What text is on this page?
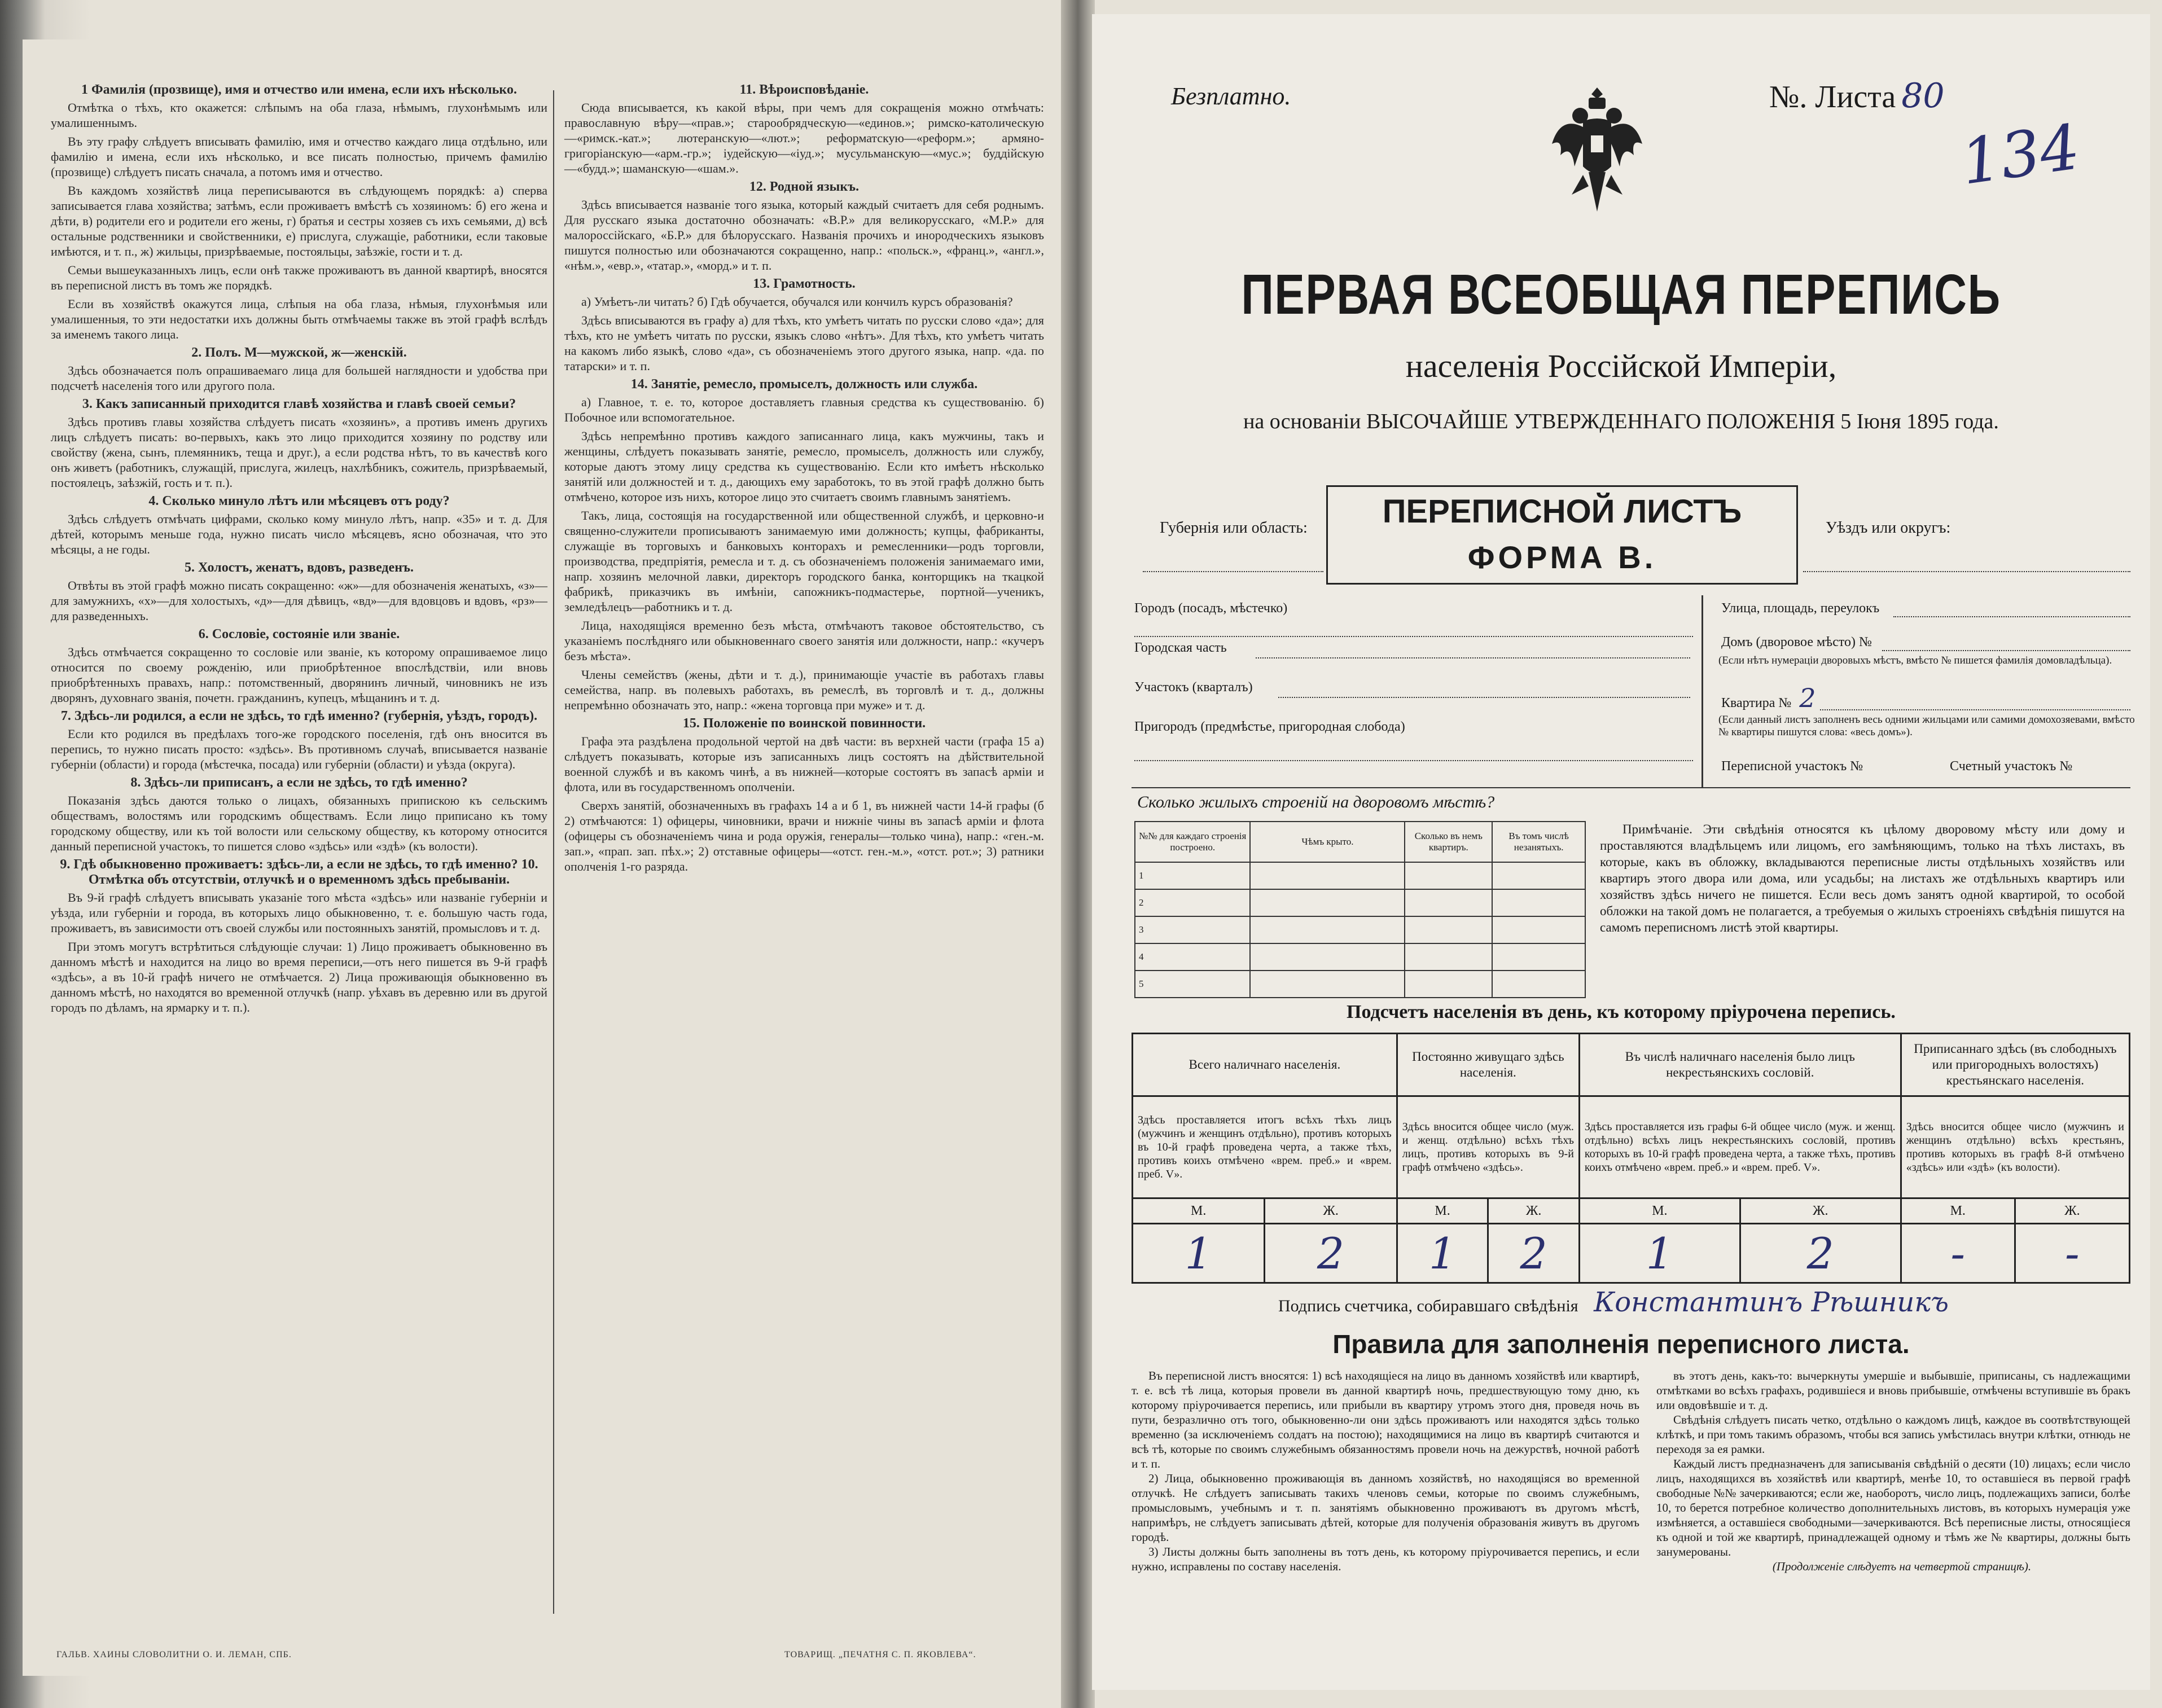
1 Фамилія (прозвище), имя и отчество или имена, если ихъ нѣсколько.

Отмѣтка о тѣхъ, кто окажется: слѣпымъ на оба глаза, нѣмымъ, глухонѣмымъ или умалишеннымъ.

Въ эту графу слѣдуетъ вписывать фамилію, имя и отчество каждаго лица отдѣльно, или фамилію и имена, если ихъ нѣсколько, и все писать полностью, причемъ фамилію (прозвище) слѣдуетъ писать сначала, а потомъ имя и отчество.

Въ каждомъ хозяйствѣ лица переписываются въ слѣдующемъ порядкѣ: а) сперва записывается глава хозяйства; затѣмъ, если проживаетъ вмѣстѣ съ хозяиномъ: б) его жена и дѣти, в) родители его и родители его жены, г) братья и сестры хозяев съ ихъ семьями, д) всѣ остальные родственники и свойственники, е) прислуга, служащіе, работники, если таковые имѣются, и т. п., ж) жильцы, призрѣваемые, постояльцы, заѣзжіе, гости и т. д.

Семьи вышеуказанныхъ лицъ, если онѣ также проживаютъ въ данной квартирѣ, вносятся въ переписной листъ въ томъ же порядкѣ.

Если въ хозяйствѣ окажутся лица, слѣпыя на оба глаза, нѣмыя, глухонѣмыя или умалишенныя, то эти недостатки ихъ должны быть отмѣчаемы также въ этой графѣ вслѣдъ за именемъ такого лица.

2. Полъ. М—мужской, ж—женскій.

Здѣсь обозначается полъ опрашиваемаго лица для большей наглядности и удобства при подсчетѣ населенія того или другого пола.

3. Какъ записанный приходится главѣ хозяйства и главѣ своей семьи?

Здѣсь противъ главы хозяйства слѣдуетъ писать «хозяинъ», а противъ именъ другихъ лицъ слѣдуетъ писать: во-первыхъ, какъ это лицо приходится хозяину по родству или свойству (жена, сынъ, племянникъ, теща и друг.), а если родства нѣтъ, то въ качествѣ кого онъ живетъ (работникъ, служащій, прислуга, жилецъ, нахлѣбникъ, сожитель, призрѣваемый, постоялецъ, заѣзжій, гость и т. п.).

4. Сколько минуло лѣтъ или мѣсяцевъ отъ роду?

Здѣсь слѣдуетъ отмѣчать цифрами, сколько кому минуло лѣтъ, напр. «35» и т. д. Для дѣтей, которымъ меньше года, нужно писать число мѣсяцевъ, ясно обозначая, что это мѣсяцы, а не годы.

5. Холостъ, женатъ, вдовъ, разведенъ.

Отвѣты въ этой графѣ можно писать сокращенно: «ж»—для обозначенія женатыхъ, «з»—для замужнихъ, «х»—для холостыхъ, «д»—для дѣвицъ, «вд»—для вдовцовъ и вдовъ, «рз»—для разведенныхъ.

6. Сословіе, состояніе или званіе.

Здѣсь отмѣчается сокращенно то сословіе или званіе, къ которому опрашиваемое лицо относится по своему рожденію, или приобрѣтенное впослѣдствіи, или вновь приобрѣтенныхъ правахъ, напр.: потомственный, дворянинъ личный, чиновникъ не изъ дворянъ, духовнаго званія, почетн. гражданинъ, купецъ, мѣщанинъ и т. д.

7. Здѣсь-ли родился, а если не здѣсь, то гдѣ именно? (губернія, уѣздъ, городъ).

Если кто родился въ предѣлахъ того-же городского поселенія, гдѣ онъ вносится въ перепись, то нужно писать просто: «здѣсь». Въ противномъ случаѣ, вписывается названіе губерніи (области) и города (мѣстечка, посада) или губерніи (области) и уѣзда (округа).

8. Здѣсь-ли приписанъ, а если не здѣсь, то гдѣ именно?

Показанія здѣсь даются только о лицахъ, обязанныхъ припискою къ сельскимъ обществамъ, волостямъ или городскимъ обществамъ. Если лицо приписано къ тому городскому обществу, или къ той волости или сельскому обществу, къ которому относится данный переписной участокъ, то пишется слово «здѣсь» или «здѣ» (къ волости).

9. Гдѣ обыкновенно проживаетъ: здѣсь-ли, а если не здѣсь, то гдѣ именно? 10. Отмѣтка объ отсутствіи, отлучкѣ и о временномъ здѣсь пребываніи.

Въ 9-й графѣ слѣдуетъ вписывать указаніе того мѣста «здѣсь» или названіе губерніи и уѣзда, или губерніи и города, въ которыхъ лицо обыкновенно, т. е. большую часть года, проживаетъ, въ зависимости отъ своей службы или постоянныхъ занятій, промысловъ и т. д.

При этомъ могутъ встрѣтиться слѣдующіе случаи: 1) Лицо проживаетъ обыкновенно въ данномъ мѣстѣ и находится на лицо во время переписи,—отъ него пишется въ 9-й графѣ «здѣсь», а въ 10-й графѣ ничего не отмѣчается. 2) Лица проживающія обыкновенно въ данномъ мѣстѣ, но находятся во временной отлучкѣ (напр. уѣхавъ въ деревню или въ другой городъ по дѣламъ, на ярмарку и т. п.).

11. Вѣроисповѣданіе.

Сюда вписывается, къ какой вѣры, при чемъ для сокращенія можно отмѣчать: православную вѣру—«прав.»; старообрядческую—«единов.»; римско-католическую—«римск.-кат.»; лютеранскую—«лют.»; реформатскую—«реформ.»; армяно-григоріанскую—«арм.-гр.»; іудейскую—«іуд.»; мусульманскую—«мус.»; буддійскую—«будд.»; шаманскую—«шам.».

12. Родной языкъ.

Здѣсь вписывается названіе того языка, который каждый считаетъ для себя роднымъ. Для русскаго языка достаточно обозначать: «В.Р.» для великорусскаго, «М.Р.» для малороссійскаго, «Б.Р.» для бѣлорусскаго. Названія прочихъ и инородческихъ языковъ пишутся полностью или обозначаются сокращенно, напр.: «польск.», «франц.», «англ.», «нѣм.», «евр.», «татар.», «морд.» и т. п.

13. Грамотность.

а) Умѣетъ-ли читать? б) Гдѣ обучается, обучался или кончилъ курсъ образованія?

Здѣсь вписываются въ графу а) для тѣхъ, кто умѣетъ читать по русски слово «да»; для тѣхъ, кто не умѣетъ читать по русски, языкъ слово «нѣтъ». Для тѣхъ, кто умѣетъ читать на какомъ либо языкѣ, слово «да», съ обозначеніемъ этого другого языка, напр. «да. по татарски» и т. п.

14. Занятіе, ремесло, промыселъ, должность или служба.

а) Главное, т. е. то, которое доставляетъ главныя средства къ существованію. б) Побочное или вспомогательное.

Здѣсь непремѣнно противъ каждого записаннаго лица, какъ мужчины, такъ и женщины, слѣдуетъ показывать занятіе, ремесло, промыселъ, должность или службу, которые даютъ этому лицу средства къ существованію. Если кто имѣетъ нѣсколько занятій или должностей и т. д., дающихъ ему заработокъ, то въ этой графѣ должно быть отмѣчено, которое изъ нихъ, которое лицо это считаетъ своимъ главнымъ занятіемъ.

Такъ, лица, состоящія на государственной или общественной службѣ, и церковно-и священно-служители прописываютъ занимаемую ими должность; купцы, фабриканты, служащіе въ торговыхъ и банковыхъ конторахъ и ремесленники—родъ торговли, производства, предпріятія, ремесла и т. д. съ обозначеніемъ положенія занимаемаго ими, напр. хозяинъ мелочной лавки, директоръ городского банка, конторщикъ на ткацкой фабрикѣ, приказчикъ въ имѣніи, сапожникъ-подмастерье, портной—ученикъ, земледѣлецъ—работникъ и т. д.

Лица, находящіяся временно безъ мѣста, отмѣчаютъ таковое обстоятельство, съ указаніемъ послѣдняго или обыкновеннаго своего занятія или должности, напр.: «кучеръ безъ мѣста».

Члены семействъ (жены, дѣти и т. д.), принимающіе участіе въ работахъ главы семейства, напр. въ полевыхъ работахъ, въ ремеслѣ, въ торговлѣ и т. д., должны непремѣнно обозначать это, напр.: «жена торговца при муже» и т. д.

15. Положеніе по воинской повинности.

Графа эта раздѣлена продольной чертой на двѣ части: въ верхней части (графа 15 а) слѣдуетъ показывать, которые изъ записанныхъ лицъ состоятъ на дѣйствительной военной службѣ и въ какомъ чинѣ, а въ нижней—которые состоятъ въ запасѣ арміи и флота, или въ государственномъ ополченіи.

Сверхъ занятій, обозначенныхъ въ графахъ 14 а и б 1, въ нижней части 14-й графы (б 2) отмѣчаются: 1) офицеры, чиновники, врачи и нижніе чины въ запасѣ арміи и флота (офицеры съ обозначеніемъ чина и рода оружія, генералы—только чина), напр.: «ген.-м. зап.», «прап. зап. пѣх.»; 2) отставные офицеры—«отст. ген.-м.», «отст. рот.»; 3) ратники ополченія 1-го разряда.

ГАЛЬВ. ХАИНЫ СЛОВОЛИТНИ О. И. ЛЕМАН, СПБ.	ТОВАРИЩ. „ПЕЧАТНЯ С. П. ЯКОВЛЕВА“.
Безплатно.	№. Листа 80
134
ПЕРВАЯ ВСЕОБЩАЯ ПЕРЕПИСЬ
населенія Россійской Имперіи,
на основаніи ВЫСОЧАЙШЕ УТВЕРЖДЕННАГО ПОЛОЖЕНІЯ 5 Іюня 1895 года.
Губернія или область:	ПЕРЕПИСНОЙ ЛИСТЪ
ФОРМА В.
Уѣздъ или округъ:
Городъ (посадъ, мѣстечко)
Городская часть
Участокъ (кварталъ)
Пригородъ (предмѣстье, пригородная слобода)
Улица, площадь, переулокъ
Домъ (дворовое мѣсто) №
(Если нѣтъ нумераціи дворовыхъ мѣстъ, вмѣсто № пишется фамилія домовладѣльца).
Квартира № 2
(Если данный листъ заполненъ весь одними жильцами или самими домохозяевами, вмѣсто № квартиры пишутся слова: «весь домъ»).
Переписной участокъ №	Счетный участокъ №
Сколько жилыхъ строеній на дворовомъ мѣстѣ?
№№ для каждаго строенія построено.	Чѣмъ крыто.	Сколько въ немъ квартиръ.	Въ томъ числѣ незанятыхъ.
1			
2			
3			
4			
5			
Примѣчаніе. Эти свѣдѣнія относятся къ цѣлому дворовому мѣсту или дому и проставляются владѣльцемъ или лицомъ, его замѣняющимъ, только на тѣхъ листахъ, въ которые, какъ въ обложку, вкладываются переписные листы отдѣльныхъ хозяйствъ или квартиръ этого двора или дома, или усадьбы; на листахъ же отдѣльныхъ квартиръ или хозяйствъ здѣсь ничего не пишется. Если весь домъ занятъ одной квартирой, то особой обложки на такой домъ не полагается, а требуемыя о жилыхъ строеніяхъ свѣдѣнія пишутся на самомъ переписномъ листѣ этой квартиры.
Подсчетъ населенія въ день, къ которому пріурочена перепись.
Всего наличнаго населенія.		Постоянно живущаго здѣсь населенія.		Въ числѣ наличнаго населенія было лицъ некрестьянскихъ сословій.		Приписаннаго здѣсь (въ слободныхъ или пригородныхъ волостяхъ) крестьянскаго населенія.	
Здѣсь проставляется итогъ всѣхъ тѣхъ лицъ (мужчинъ и женщинъ отдѣльно), противъ которыхъ въ 10-й графѣ проведена черта, а также тѣхъ, противъ коихъ отмѣчено «врем. преб.» и «врем. преб. V».		Здѣсь вносится общее число (муж. и женщ. отдѣльно) всѣхъ тѣхъ лицъ, противъ которыхъ въ 9-й графѣ отмѣчено «здѣсь».		Здѣсь проставляется изъ графы 6-й общее число (муж. и женщ. отдѣльно) всѣхъ лицъ некрестьянскихъ сословій, противъ которыхъ въ 10-й графѣ проведена черта, а также тѣхъ, противъ коихъ отмѣчено «врем. преб.» и «врем. преб. V».		Здѣсь вносится общее число (мужчинъ и женщинъ отдѣльно) всѣхъ крестьянъ, противъ которыхъ въ графѣ 8-й отмѣчено «здѣсь» или «здѣ» (къ волости).	
М.	Ж.	М.	Ж.	М.	Ж.	М.	Ж.
1	2	1	2	1	2	-	-
Подпись счетчика, собиравшаго свѣдѣнія Константинъ Рѣшникъ
Правила для заполненія переписного листа.

Въ переписной листъ вносятся: 1) всѣ находящіеся на лицо въ данномъ хозяйствѣ или квартирѣ, т. е. всѣ тѣ лица, которыя провели въ данной квартирѣ ночь, предшествующую тому дню, къ которому пріурочивается перепись, или прибыли въ квартиру утромъ этого дня, проведя ночь въ пути, безразлично отъ того, обыкновенно-ли они здѣсь проживаютъ или находятся здѣсь только временно (за исключеніемъ солдатъ на постою); находящимися на лицо въ квартирѣ считаются и всѣ тѣ, которые по своимъ служебнымъ обязанностямъ провели ночь на дежурствѣ, ночной работѣ и т. п.

2) Лица, обыкновенно проживающія въ данномъ хозяйствѣ, но находящіяся во временной отлучкѣ. Не слѣдуетъ записывать такихъ членовъ семьи, которые по своимъ служебнымъ, промысловымъ, учебнымъ и т. п. занятіямъ обыкновенно проживаютъ въ другомъ мѣстѣ, напримѣръ, не слѣдуетъ записывать дѣтей, которые для полученія образованія живутъ въ другомъ городѣ.

3) Листы должны быть заполнены въ тотъ день, къ которому пріурочивается перепись, и если нужно, исправлены по составу населенія.

въ этотъ день, какъ-то: вычеркнуты умершіе и выбывшіе, приписаны, съ надлежащими отмѣтками во всѣхъ графахъ, родившіеся и вновь прибывшіе, отмѣчены вступившіе въ бракъ или овдовѣвшіе и т. д.

Свѣдѣнія слѣдуетъ писать четко, отдѣльно о каждомъ лицѣ, каждое въ соотвѣтствующей клѣткѣ, и при томъ такимъ образомъ, чтобы вся запись умѣстилась внутри клѣтки, отнюдь не переходя за ея рамки.

Каждый листъ предназначенъ для записыванія свѣдѣній о десяти (10) лицахъ; если число лицъ, находящихся въ хозяйствѣ или квартирѣ, менѣе 10, то оставшіеся въ первой графѣ свободные №№ зачеркиваются; если же, наоборотъ, число лицъ, подлежащихъ записи, болѣе 10, то берется потребное количество дополнительныхъ листовъ, въ которыхъ нумерація уже измѣняется, а оставшіеся свободными—зачеркиваются. Всѣ переписные листы, относящіеся къ одной и той же квартирѣ, принадлежащей одному и тѣмъ же № квартиры, должны быть занумерованы.

(Продолженіе слѣдуетъ на четвертой страницѣ).
